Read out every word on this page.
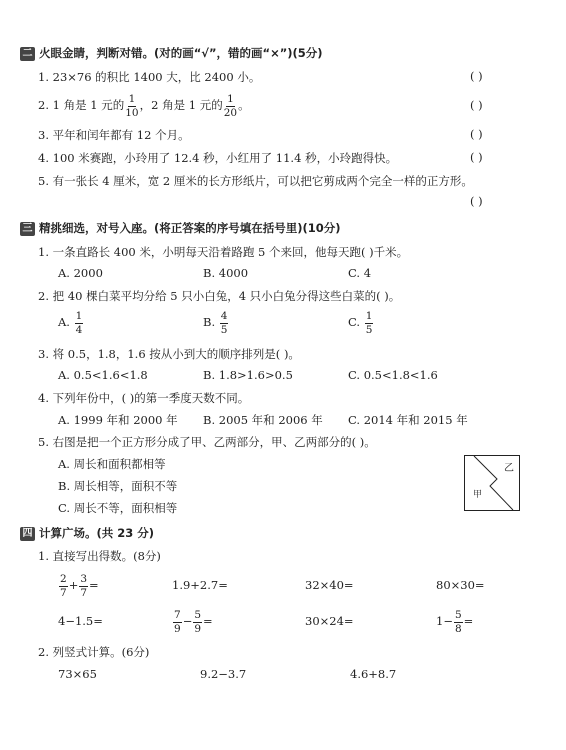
二 火眼金睛，判断对错。(对的画“√”，错的画“×”)(5分)
1. 23×76 的积比 1400 大，比 2400 小。	( )
2. 1 角是 1 元的 $\frac{1}{10}$ ，2 角是 1 元的 $\frac{1}{20}$ 。	( )
3. 平年和闰年都有 12 个月。	( )
4. 100 米赛跑，小玲用了 12.4 秒，小红用了 11.4 秒，小玲跑得快。	( )
5. 有一张长 4 厘米，宽 2 厘米的长方形纸片，可以把它剪成两个完全一样的正方形。
( )
三 精挑细选，对号入座。(将正答案的序号填在括号里)(10分)
1. 一条直路长 400 米，小明每天沿着路跑 5 个来回，他每天跑( )千米。
A. 2000	B. 4000	C. 4
2. 把 40 棵白菜平均分给 5 只小白兔，4 只小白兔分得这些白菜的( )。
A. $\frac{1}{4}$	B. $\frac{4}{5}$	C. $\frac{1}{5}$
3. 将 0.5，1.8，1.6 按从小到大的顺序排列是( )。
A. 0.5<1.6<1.8	B. 1.8>1.6>0.5	C. 0.5<1.8<1.6
4. 下列年份中，( )的第一季度天数不同。
A. 1999 年和 2000 年 B. 2005 年和 2006 年 C. 2014 年和 2015 年
5. 右图是把一个正方形分成了甲、乙两部分，甲、乙两部分的( )。
A. 周长和面积都相等
B. 周长相等，面积不等
C. 周长不等，面积相等
乙
甲
四 计算广场。(共 23 分)
1. 直接写出得数。(8分)
$\frac{2}{7} + \frac{3}{7}$ =	1.9+2.7=	32×40=	80×30=
4−1.5=	$\frac{7}{9} - \frac{5}{9}$ =	30×24=	$1- \frac{5}{8}$ =
2. 列竖式计算。(6分)
73×65	9.2−3.7	4.6+8.7
